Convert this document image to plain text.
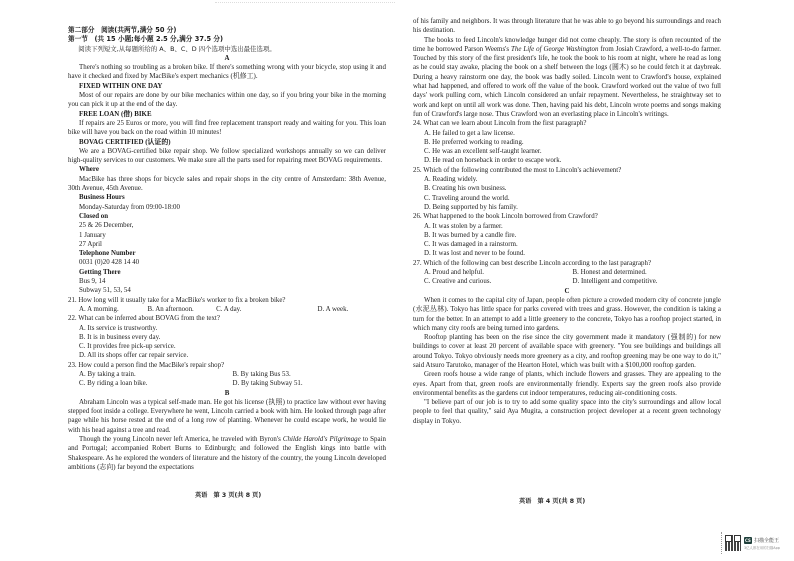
第二部分　阅读(共两节,满分 50 分)

第一节　(共 15 小题;每小题 2.5 分,满分 37.5 分)

阅读下列短文,从每题所给的 A、B、C、D 四个选项中选出最佳选项。

A

There's nothing so troubling as a broken bike. If there's something wrong with your bicycle, stop using it and have it checked and fixed by MacBike's expert mechanics (机修工).

FIXED WITHIN ONE DAY

Most of our repairs are done by our bike mechanics within one day, so if you bring your bike in the morning you can pick it up at the end of the day.

FREE LOAN (借) BIKE

If repairs are 25 Euros or more, you will find free replacement transport ready and waiting for you. This loan bike will have you back on the road within 10 minutes!

BOVAG CERTIFIED (认证的)

We are a BOVAG-certified bike repair shop. We follow specialized workshops annually so we can deliver high-quality services to our customers. We make sure all the parts used for repairing meet BOVAG requirements.

Where

MacBike has three shops for bicycle sales and repair shops in the city centre of Amsterdam: 38th Avenue, 30th Avenue, 45th Avenue.

Business Hours

Monday-Saturday from 09:00-18:00

Closed on

25 & 26 December,

1 January

27 April

Telephone Number

0031 (0)20 428 14 40

Getting There

Bus 9, 14

Subway 51, 53, 54

21. How long will it usually take for a MacBike's worker to fix a broken bike?

A. A morning.	B. An afternoon.	C. A day.	D. A week.

22. What can be inferred about BOVAG from the text?

A. Its service is trustworthy.

B. It is in business every day.

C. It provides free pick-up service.

D. All its shops offer car repair service.

23. How could a person find the MacBike's repair shop?

A. By taking a train.	B. By taking Bus 53.
C. By riding a loan bike.	D. By taking Subway 51.

B

Abraham Lincoln was a typical self-made man. He got his license (执照) to practice law without ever having stepped foot inside a college. Everywhere he went, Lincoln carried a book with him. He looked through page after page while his horse rested at the end of a long row of planting. Whenever he could escape work, he would lie with his head against a tree and read.

Though the young Lincoln never left America, he traveled with Byron's Childe Harold's Pilgrimage to Spain and Portugal; accompanied Robert Burns to Edinburgh; and followed the English kings into battle with Shakespeare. As he explored the wonders of literature and the history of the country, the young Lincoln developed ambitions (志向) far beyond the expectations

英语　第 3 页(共 8 页)

of his family and neighbors. It was through literature that he was able to go beyond his surroundings and reach his destination.

The books to feed Lincoln's knowledge hunger did not come cheaply. The story is often recounted of the time he borrowed Parson Weems's The Life of George Washington from Josiah Crawford, a well-to-do farmer. Touched by this story of the first president's life, he took the book to his room at night, where he read as long as he could stay awake, placing the book on a shelf between the logs (圆木) so he could fetch it at daybreak. During a heavy rainstorm one day, the book was badly soiled. Lincoln went to Crawford's house, explained what had happened, and offered to work off the value of the book. Crawford worked out the value of two full days' work pulling corn, which Lincoln considered an unfair repayment. Nevertheless, he straightway set to work and kept on until all work was done. Then, having paid his debt, Lincoln wrote poems and songs making fun of Crawford's large nose. Thus Crawford won an everlasting place in Lincoln's writings.

24. What can we learn about Lincoln from the first paragraph?

A. He failed to get a law license.

B. He preferred working to reading.

C. He was an excellent self-taught learner.

D. He read on horseback in order to escape work.

25. Which of the following contributed the most to Lincoln's achievement?

A. Reading widely.

B. Creating his own business.

C. Traveling around the world.

D. Being supported by his family.

26. What happened to the book Lincoln borrowed from Crawford?

A. It was stolen by a farmer.

B. It was burned by a candle fire.

C. It was damaged in a rainstorm.

D. It was lost and never to be found.

27. Which of the following can best describe Lincoln according to the last paragraph?

A. Proud and helpful.	B. Honest and determined.
C. Creative and curious.	D. Intelligent and competitive.

C

When it comes to the capital city of Japan, people often picture a crowded modern city of concrete jungle (水泥丛林). Tokyo has little space for parks covered with trees and grass. However, the condition is taking a turn for the better. In an attempt to add a little greenery to the concrete, Tokyo has a rooftop project started, in which many city roofs are being turned into gardens.

Rooftop planting has been on the rise since the city government made it mandatory (强制的) for new buildings to cover at least 20 percent of available space with greenery. "You see buildings and buildings all around Tokyo. Tokyo obviously needs more greenery as a city, and rooftop greening may be one way to do it," said Atsuro Tarutoko, manager of the Hearton Hotel, which was built with a $100,000 rooftop garden.

Green roofs house a wide range of plants, which include flowers and grasses. They are appealing to the eyes. Apart from that, green roofs are environmentally friendly. Experts say the green roofs also provide environmental benefits as the gardens cut indoor temperatures, reducing air-conditioning costs.

"I believe part of our job is to try to add some quality space into the city's surroundings and allow local people to feel that quality," said Aya Mugita, a construction project developer at a recent green technology display in Tokyo.

英语　第 4 页(共 8 页)
CS 扫描全能王
3亿人都在用的扫描App
